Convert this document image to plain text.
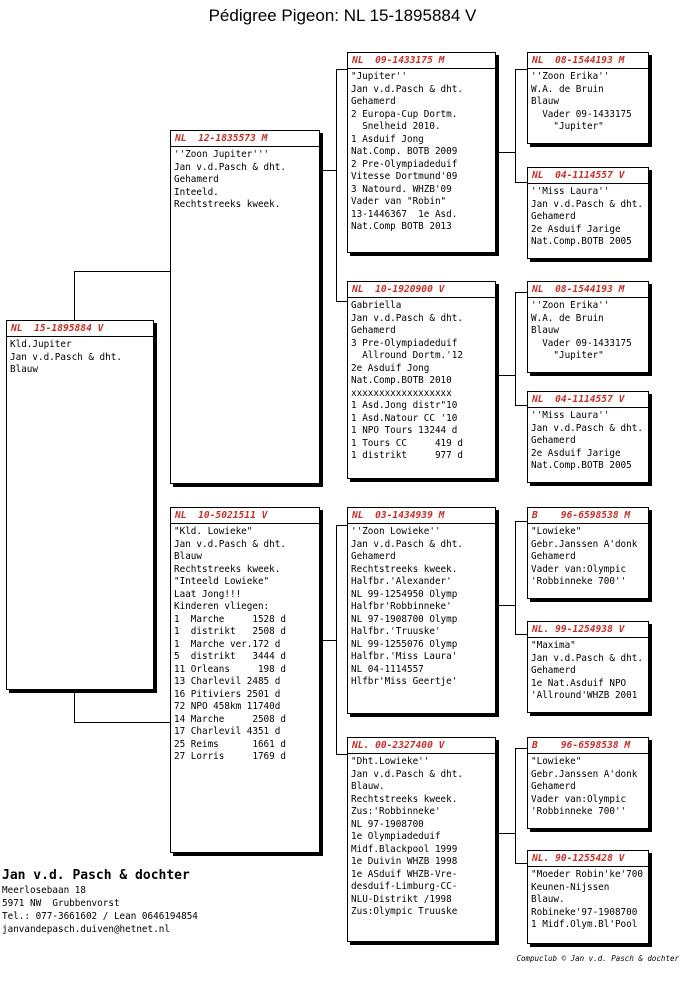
Pédigree Pigeon: NL 15-1895884 V
NL  15-1895884 V
Kld.Jupiter
Jan v.d.Pasch & dht.
Blauw
NL  12-1835573 M
''Zoon Jupiter'''
Jan v.d.Pasch & dht.
Gehamerd
Inteeld.
Rechtstreeks kweek.
NL  10-5021511 V
"Kld. Lowieke"
Jan v.d.Pasch & dht.
Blauw
Rechtstreeks kweek.
"Inteeld Lowieke"
Laat Jong!!!
Kinderen vliegen:
1  Marche     1528 d
1  distrikt   2508 d
1  Marche ver.172 d
5  distrikt   3444 d
11 Orleans     198 d
13 Charlevil 2485 d
16 Pitiviers 2501 d
72 NPO 458km 11740d
14 Marche     2508 d
17 Charlevil 4351 d
25 Reims      1661 d
27 Lorris     1769 d
NL  09-1433175 M
"Jupiter''
Jan v.d.Pasch & dht.
Gehamerd
2 Europa-Cup Dortm.
Snelheid 2010.
1 Asduif Jong
Nat.Comp. BOTB 2009
2 Pre-Olympiadeduif
Vitesse Dortmund'09
3 Natourd. WHZB'09
Vader van "Robin"
13-1446367  1e Asd.
Nat.Comp BOTB 2013
NL  10-1920900 V
Gabriella
Jan v.d.Pasch & dht.
Gehamerd
3 Pre-Olympiadeduif
Allround Dortm.'12
2e Asduif Jong
Nat.Comp.BOTB 2010
xxxxxxxxxxxxxxxxxx
1 Asd.Jong distr"10
1 Asd.Natour CC '10
1 NPO Tours 13244 d
1 Tours CC     419 d
1 distrikt     977 d
NL  03-1434939 M
''Zoon Lowieke''
Jan v.d.Pasch & dht.
Gehamerd
Rechtstreeks kweek.
Halfbr.'Alexander'
NL 99-1254950 Olymp
Halfbr'Robbinneke'
NL 97-1908700 Olymp
Halfbr.'Truuske'
NL 99-1255076 Olymp
Halfbr.'Miss Laura'
NL 04-1114557
Hlfbr'Miss Geertje'
NL. 00-2327400 V
"Dht.Lowieke''
Jan v.d.Pasch & dht.
Blauw.
Rechtstreeks kweek.
Zus:'Robbinneke'
NL 97-1908700
1e Olympiadeduif
Midf.Blackpool 1999
1e Duivin WHZB 1998
1e ASduif WHZB-Vre-
desduif-Limburg-CC-
NLU-Distrikt /1998
Zus:Olympic Truuske
NL  08-1544193 M
''Zoon Erika''
W.A. de Bruin
Blauw
Vader 09-1433175
"Jupiter"
NL  04-1114557 V
''Miss Laura''
Jan v.d.Pasch & dht.
Gehamerd
2e Asduif Jarige
Nat.Comp.BOTB 2005
NL  08-1544193 M
''Zoon Erika''
W.A. de Bruin
Blauw
Vader 09-1433175
"Jupiter"
NL  04-1114557 V
''Miss Laura''
Jan v.d.Pasch & dht.
Gehamerd
2e Asduif Jarige
Nat.Comp.BOTB 2005
B    96-6598538 M
"Lowieke"
Gebr.Janssen A'donk
Gehamerd
Vader van:Olympic
'Robbinneke 700''
NL. 99-1254938 V
"Maxima"
Jan v.d.Pasch & dht.
Gehamerd
1e Nat.Asduif NPO
'Allround'WHZB 2001
B    96-6598538 M
"Lowieke"
Gebr.Janssen A'donk
Gehamerd
Vader van:Olympic
'Robbinneke 700''
NL. 90-1255428 V
"Moeder Robin'ke'700
Keunen-Nijssen
Blauw.
Robineke'97-1908700
1 Midf.Olym.Bl'Pool
Jan v.d. Pasch & dochter
Meerlosebaan 18
5971 NW  Grubbenvorst
Tel.: 077-3661602 / Lean 0646194854
janvandepasch.duiven@hetnet.nl
Compuclub © Jan v.d. Pasch & dochter
